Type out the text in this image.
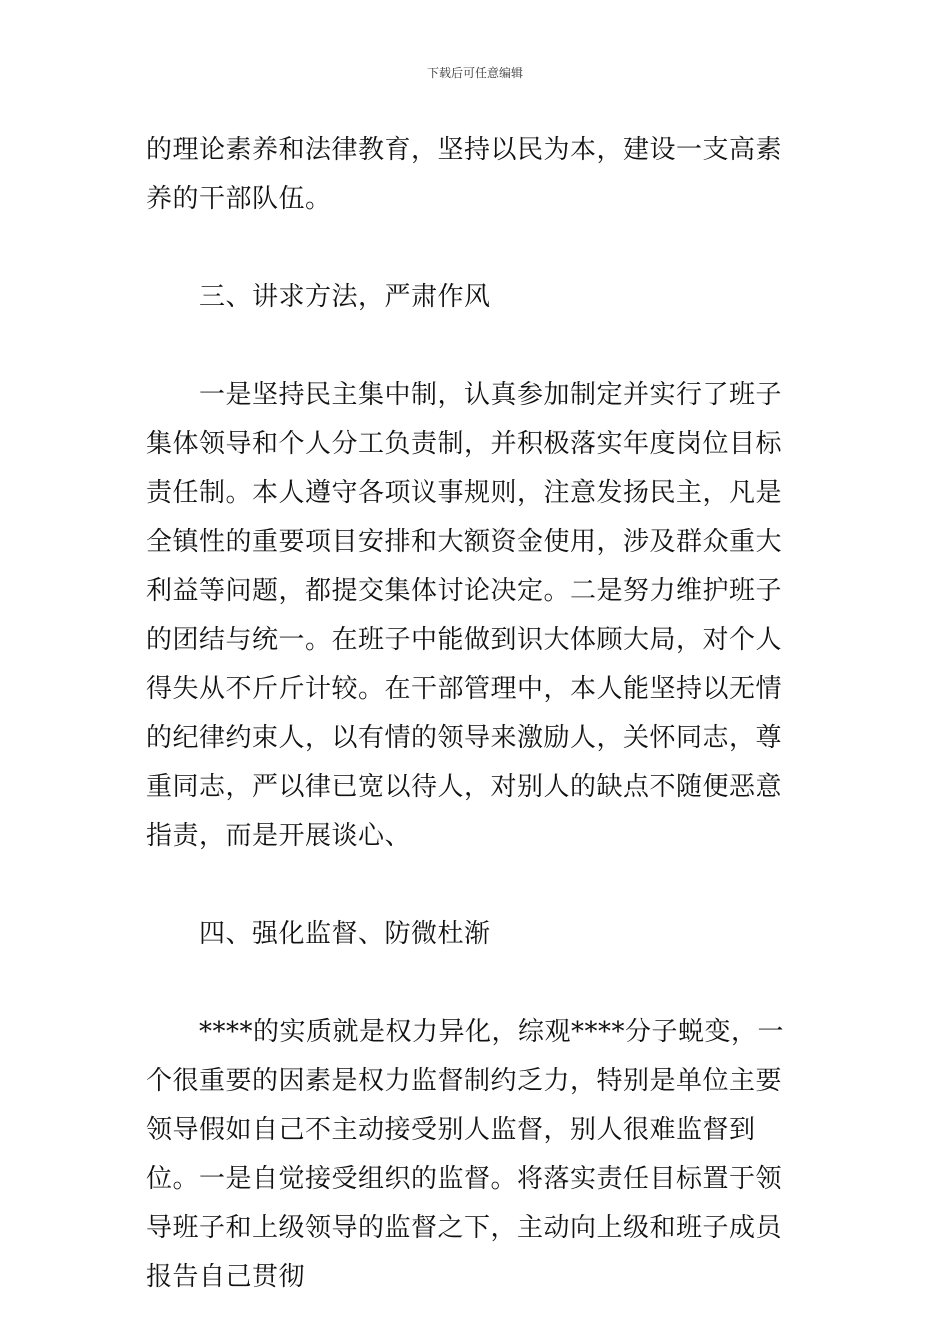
下载后可任意编辑

的理论素养和法律教育，坚持以民为本，建设一支高素养的干部队伍。

三、讲求方法，严肃作风

一是坚持民主集中制，认真参加制定并实行了班子集体领导和个人分工负责制，并积极落实年度岗位目标责任制。本人遵守各项议事规则，注意发扬民主，凡是全镇性的重要项目安排和大额资金使用，涉及群众重大利益等问题，都提交集体讨论决定。二是努力维护班子的团结与统一。在班子中能做到识大体顾大局，对个人得失从不斤斤计较。在干部管理中，本人能坚持以无情的纪律约束人，以有情的领导来激励人，关怀同志，尊重同志，严以律已宽以待人，对别人的缺点不随便恶意指责，而是开展谈心、

四、强化监督、防微杜渐

****的实质就是权力异化，综观****分子蜕变，一个很重要的因素是权力监督制约乏力，特别是单位主要领导假如自己不主动接受别人监督，别人很难监督到位。一是自觉接受组织的监督。将落实责任目标置于领导班子和上级领导的监督之下，主动向上级和班子成员报告自己贯彻
